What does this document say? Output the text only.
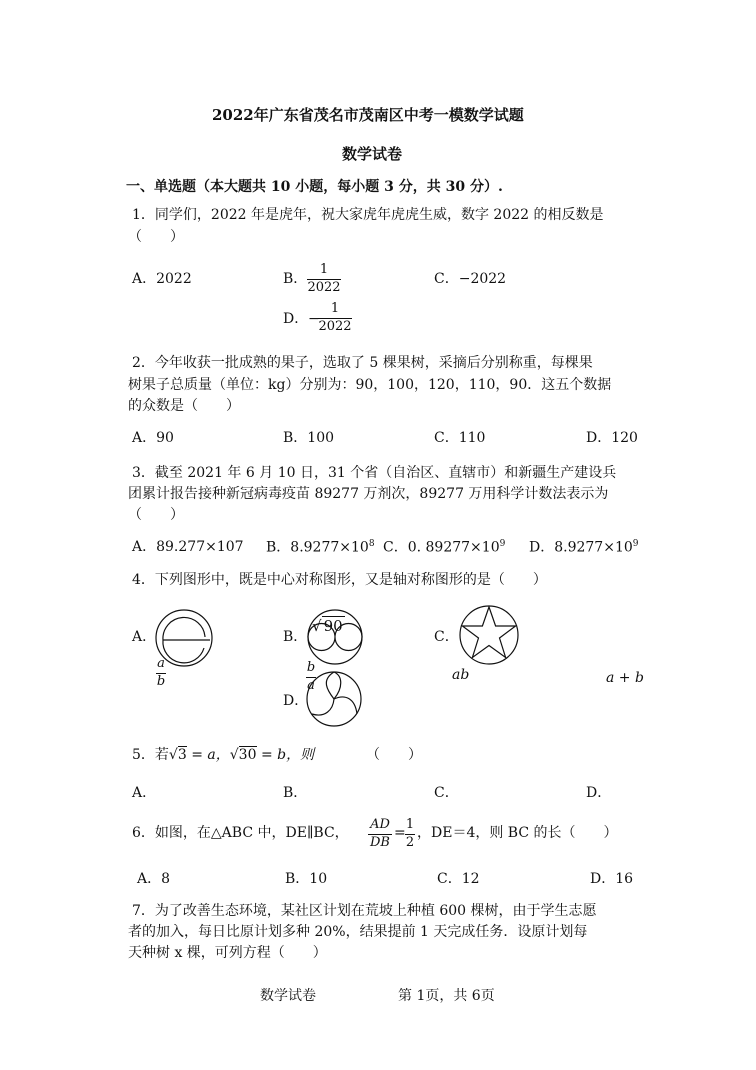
2022年广东省茂名市茂南区中考一模数学试题
数学试卷
一、单选题（本大题共 10 小题，每小题 3 分，共 30 分）.
1．同学们，2022 年是虎年，祝大家虎年虎虎生威，数字 2022 的相反数是
（　　）
A．2022	B．
1
2022
C．−2022
D． −
1
2022
2．今年收获一批成熟的果子，选取了 5 棵果树，采摘后分别称重，每棵果
树果子总质量（单位：kg）分别为：90，100，120，110，90．这五个数据
的众数是（　　）
A．90	B．100	C．110	D．120
3．截至 2021 年 6 月 10 日，31 个省（自治区、直辖市）和新疆生产建设兵
团累计报告接种新冠病毒疫苗 89277 万剂次，89277 万用科学计数法表示为
（　　）
A．89.277×107 B．$8.9277\times 10^8$ C．0. $89277\times 10^9$ D．$8.9277\times 10^9$
4．下列图形中，既是中心对称图形，又是轴对称图形的是（　　）
A．	B．	C．
D．
a
b
√ 90
b
a
ab	a + b
5．若√3 = a，√30 = b，则	（　　）
A．	B．	C．	D．
6．如图，在△ABC 中，DE∥BC，
AD
DB
=
1
2
，DE＝4，则 BC 的长（　　）
A．8	B．10	C．12	D．16
7．为了改善生态环境，某社区计划在荒坡上种植 600 棵树，由于学生志愿
者的加入，每日比原计划多种 20%，结果提前 1 天完成任务．设原计划每
天种树 x 棵，可列方程（　　）
数学试卷	第 1页，共 6页
